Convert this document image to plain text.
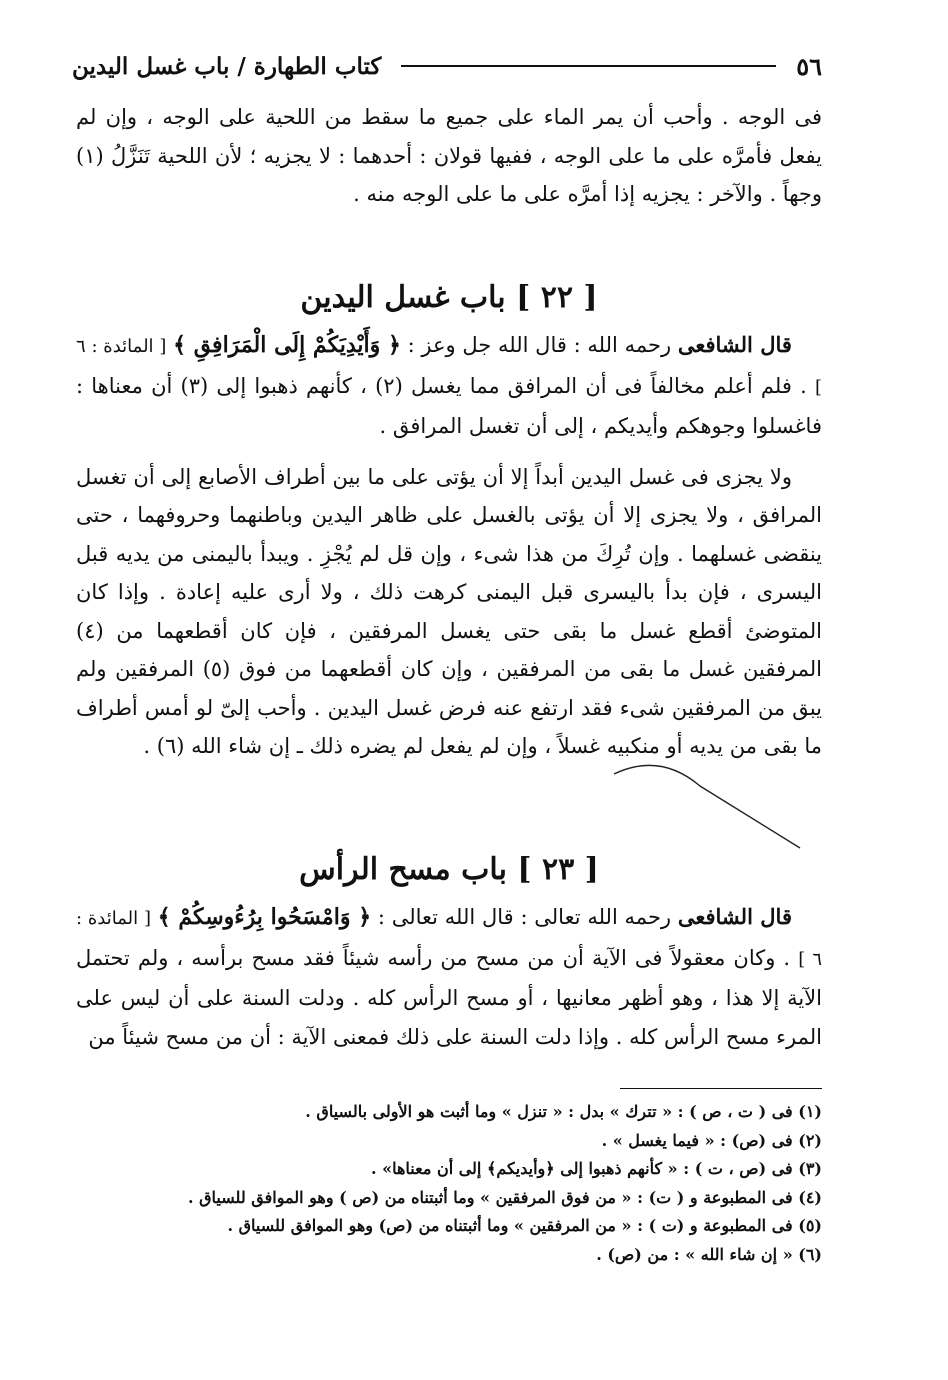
٥٦
كتاب الطهارة / باب غسل اليدين

فى الوجه . وأحب أن يمر الماء على جميع ما سقط من اللحية على الوجه ، وإن لم يفعل فأمرَّه على ما على الوجه ، ففيها قولان : أحدهما : لا يجزيه ؛ لأن اللحية تَنَزَّلُ (١) وجهاً . والآخر : يجزيه إذا أمرَّه على ما على الوجه منه .

[ ٢٢ ] باب غسل اليدين

قال الشافعى رحمه الله : قال الله جل وعز : ﴿ وَأَيْدِيَكُمْ إِلَى الْمَرَافِقِ ﴾ [ المائدة : ٦ ] . فلم أعلم مخالفاً فى أن المرافق مما يغسل (٢) ، كأنهم ذهبوا إلى (٣) أن معناها : فاغسلوا وجوهكم وأيديكم ، إلى أن تغسل المرافق .

ولا يجزى فى غسل اليدين أبداً إلا أن يؤتى على ما بين أطراف الأصابع إلى أن تغسل المرافق ، ولا يجزى إلا أن يؤتى بالغسل على ظاهر اليدين وباطنهما وحروفهما ، حتى ينقضى غسلهما . وإن تُرِكَ من هذا شىء ، وإن قل لم يُجْزِ . ويبدأ باليمنى من يديه قبل اليسرى ، فإن بدأ باليسرى قبل اليمنى كرهت ذلك ، ولا أرى عليه إعادة . وإذا كان المتوضئ أقطع غسل ما بقى حتى يغسل المرفقين ، فإن كان أقطعهما من (٤) المرفقين غسل ما بقى من المرفقين ، وإن كان أقطعهما من فوق (٥) المرفقين ولم يبق من المرفقين شىء فقد ارتفع عنه فرض غسل اليدين . وأحب إلىّ لو أمس أطراف ما بقى من يديه أو منكبيه غسلاً ، وإن لم يفعل لم يضره ذلك ـ إن شاء الله (٦) .

[ ٢٣ ] باب مسح الرأس

قال الشافعى رحمه الله تعالى : قال الله تعالى : ﴿ وَامْسَحُوا بِرُءُوسِكُمْ ﴾ [ المائدة : ٦ ] . وكان معقولاً فى الآية أن من مسح من رأسه شيئاً فقد مسح برأسه ، ولم تحتمل الآية إلا هذا ، وهو أظهر معانيها ، أو مسح الرأس كله . ودلت السنة على أن ليس على المرء مسح الرأس كله . وإذا دلت السنة على ذلك فمعنى الآية : أن من مسح شيئاً من

(١) فى ( ت ، ص ) : « تترك » بدل : « تنزل » وما أثبت هو الأولى بالسياق .
(٢) فى (ص) : « فيما يغسل » .
(٣) فى (ص ، ت ) : « كأنهم ذهبوا إلى ﴿وأيديكم﴾ إلى أن معناها» .
(٤) فى المطبوعة و ( ت) : « من فوق المرفقين » وما أثبتناه من (ص ) وهو الموافق للسياق .
(٥) فى المطبوعة و (ت ) : « من المرفقين » وما أثبتناه من (ص) وهو الموافق للسياق .
(٦) « إن شاء الله » : من (ص) .
